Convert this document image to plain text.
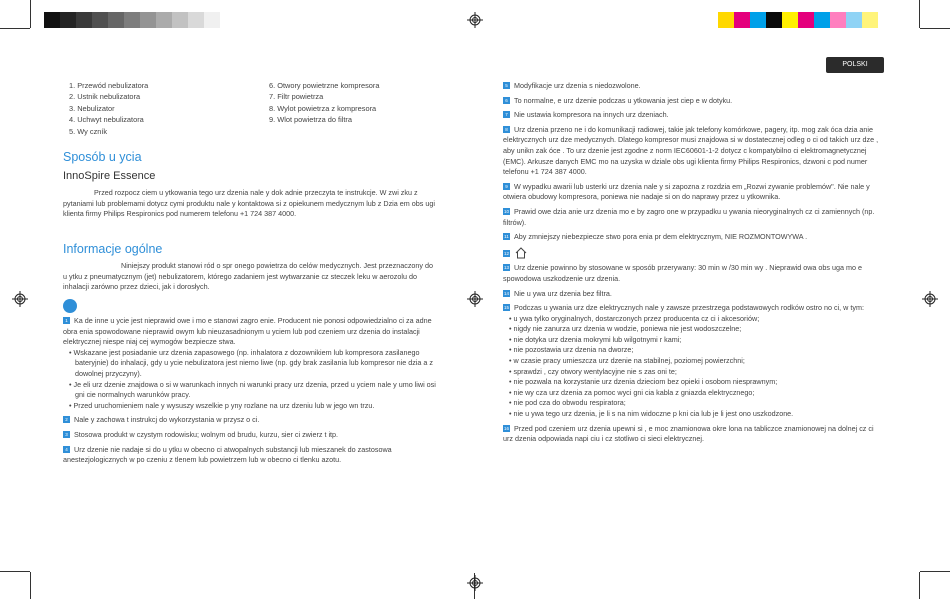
POLSKI
1. Przewód nebulizatora
2. Ustnik nebulizatora
3. Nebulizator
4. Uchwyt nebulizatora
5. Wy czník
6. Otwory powietrzne kompresora
7. Filtr powietrza
8. Wylot powietrza z kompresora
9. Wlot powietrza do filtra
Sposób u ycia
InnoSpire Essence

Przed rozpocz ciem u ytkowania tego urz dzenia nale y dok adnie przeczyta te instrukcje. W zwi zku z pytaniami lub problemami dotycz cymi produktu nale y kontaktowa si z opiekunem medycznym lub z Dzia em obs ugi klienta firmy Philips Respironics pod numerem telefonu +1 724 387 4000.

Informacje ogólne

Niniejszy produkt stanowi ród o spr onego powietrza do celów medycznych. Jest przeznaczony do u ytku z pneumatycznym (jet) nebulizatorem, którego zadaniem jest wytwarzanie cz steczek leku w aerozolu do inhalacji zarówno przez dzieci, jak i dorosłych.

1 Ka de inne u ycie jest nieprawid owe i mo e stanowi zagro enie. Producent nie ponosi odpowiedzialno ci za adne obra enia spowodowane nieprawid owym lub nieuzasadnionym u yciem lub pod czeniem urz dzenia do instalacji elektrycznej niespe niaj cej wymogów bezpiecze stwa.
• Wskazane jest posiadanie urz dzenia zapasowego (np. inhalatora z dozownikiem lub kompresora zasilanego bateryjnie) do inhalacji, gdy u ycie nebulizatora jest niemo liwe (np. gdy brak zasilania lub kompresor nie dzia a z dowolnej przyczyny).
• Je eli urz dzenie znajdowa o si w warunkach innych ni warunki pracy urz dzenia, przed u yciem nale y umo liwi osi gni cie normalnych warunków pracy.
• Przed uruchomieniem nale y wysuszy wszelkie p yny rozlane na urz dzeniu lub w jego wn trzu.
2 Nale y zachowa t instrukcj do wykorzystania w przysz o ci.
3 Stosowa produkt w czystym rodowisku; wolnym od brudu, kurzu, sier ci zwierz t itp.
4 Urz dzenie nie nadaje si do u ytku w obecno ci atwopalnych substancji lub mieszanek do zastosowa anestezjologicznych w po czeniu z tlenem lub powietrzem lub w obecno ci tlenku azotu.
5 Modyfikacje urz dzenia s niedozwolone.
6 To normalne, e urz dzenie podczas u ytkowania jest ciep e w dotyku.
7 Nie ustawia kompresora na innych urz dzeniach.
8 Urz dzenia przeno ne i do komunikacji radiowej, takie jak telefony komórkowe, pagery, itp. mog zak óca dzia anie elektrycznych urz dze medycznych. Dlatego kompresor musi znajdowa si w dostatecznej odleg o ci od takich urz dze , aby unikn zak óce . To urz dzenie jest zgodne z norm IEC60601-1-2 dotycz c kompatybilno ci elektromagnetycznej (EMC). Arkusze danych EMC mo na uzyska w dziale obs ugi klienta firmy Philips Respironics, dzwoni c pod numer telefonu +1 724 387 4000.
9 W wypadku awarii lub usterki urz dzenia nale y si zapozna z rozdzia em „Rozwi zywanie problemów". Nie nale y otwiera obudowy kompresora, poniewa nie nadaje si on do naprawy przez u ytkownika.
10 Prawid owe dzia anie urz dzenia mo e by zagro one w przypadku u ywania nieoryginalnych cz ci zamiennych (np. filtrów).
11 Aby zmniejszy niebezpiecze stwo pora enia pr dem elektrycznym, NIE ROZMONTOWYWA .
12
13 Urz dzenie powinno by stosowane w sposób przerywany: 30 min w /30 min wy . Nieprawid owa obs uga mo e spowodowa uszkodzenie urz dzenia.
14 Nie u ywa urz dzenia bez filtra.
15 Podczas u ywania urz dze elektrycznych nale y zawsze przestrzega podstawowych rodków ostro no ci, w tym:
• u ywa tylko oryginalnych, dostarczonych przez producenta cz ci i akcesoriów;
• nigdy nie zanurza urz dzenia w wodzie, poniewa nie jest wodoszczelne;
• nie dotyka urz dzenia mokrymi lub wilgotnymi r kami;
• nie pozostawia urz dzenia na dworze;
• w czasie pracy umieszcza urz dzenie na stabilnej, poziomej powierzchni;
• sprawdzi , czy otwory wentylacyjne nie s zas oni te;
• nie pozwala na korzystanie urz dzenia dzieciom bez opieki i osobom niesprawnym;
• nie wy cza urz dzenia za pomoc wyci gni cia kabla z gniazda elektrycznego;
• nie pod cza do obwodu respiratora;
• nie u ywa tego urz dzenia, je li s na nim widoczne p kni cia lub je li jest ono uszkodzone.
16 Przed pod czeniem urz dzenia upewni si , e moc znamionowa okre lona na tabliczce znamionowej na dolnej cz ci urz dzenia odpowiada napi ciu i cz stotliwo ci sieci elektrycznej.
